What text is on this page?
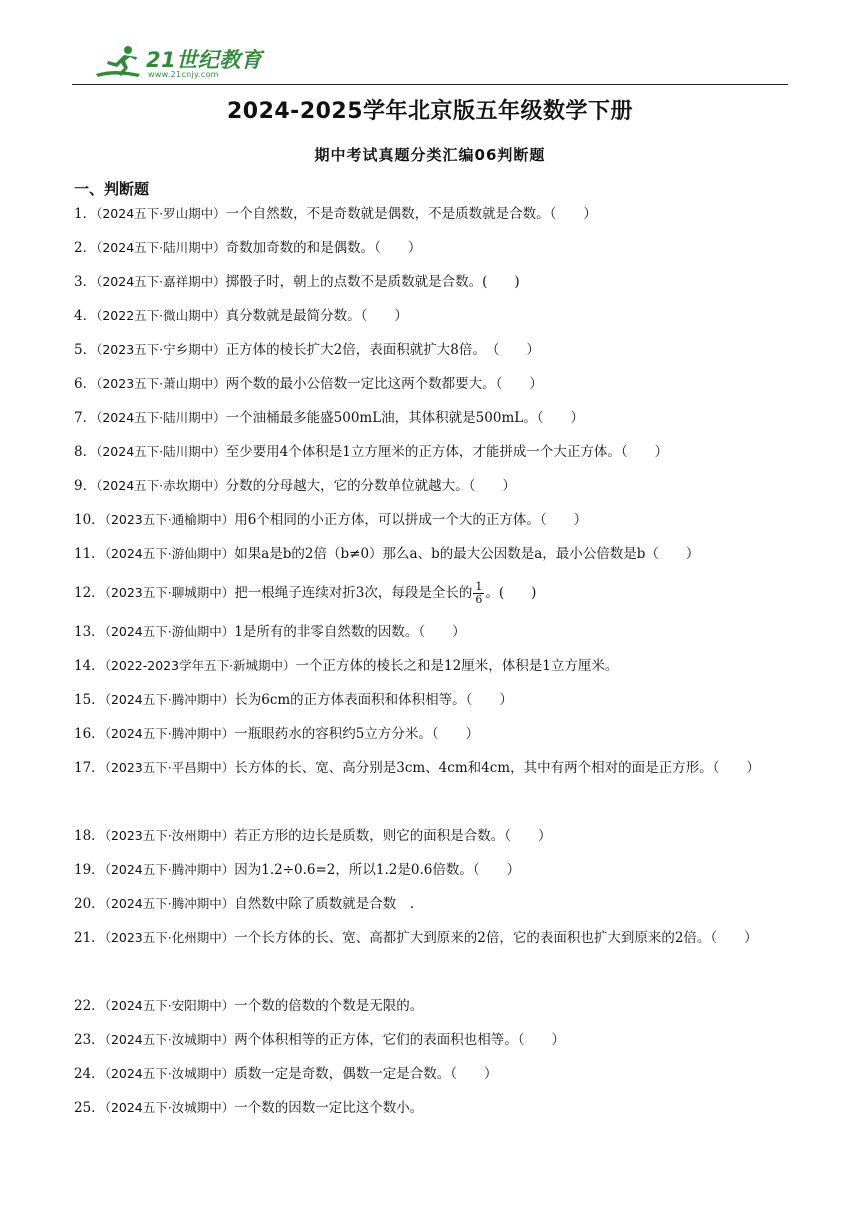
21世纪教育
www.21cnjy.com
2024-2025学年北京版五年级数学下册
期中考试真题分类汇编06判断题
一、判断题
1．（2024五下·罗山期中）一个自然数，不是奇数就是偶数，不是质数就是合数。（　　）
2．（2024五下·陆川期中）奇数加奇数的和是偶数。（　　）
3．（2024五下·嘉祥期中）掷骰子时，朝上的点数不是质数就是合数。(　　)
4．（2022五下·微山期中）真分数就是最简分数。（　　）
5．（2023五下·宁乡期中）正方体的棱长扩大2倍，表面积就扩大8倍。　（　　）
6．（2023五下·萧山期中）两个数的最小公倍数一定比这两个数都要大。（　　）
7．（2024五下·陆川期中）一个油桶最多能盛500mL油，其体积就是500mL。（　　）
8．（2024五下·陆川期中）至少要用4个体积是1立方厘米的正方体，才能拼成一个大正方体。（　　）
9．（2024五下·赤坎期中）分数的分母越大，它的分数单位就越大。（　　）
10．（2023五下·通榆期中）用6个相同的小正方体，可以拼成一个大的正方体。（　　）
11．（2024五下·游仙期中）如果a是b的2倍（b≠0）那么a、b的最大公因数是a，最小公倍数是b（　　）
12．（2023五下·聊城期中）把一根绳子连续对折3次，每段是全长的 $\frac{1}{6}$ 。(　　)
13．（2024五下·游仙期中）1是所有的非零自然数的因数。（　　）
14．（2022-2023学年五下·新城期中）一个正方体的棱长之和是12厘米，体积是1立方厘米。
15．（2024五下·腾冲期中）长为6cm的正方体表面积和体积相等。（　　）
16．（2024五下·腾冲期中）一瓶眼药水的容积约5立方分米。（　　）
17．（2023五下·平昌期中）长方体的长、宽、高分别是3cm、4cm和4cm，其中有两个相对的面是正方形。（　　）
18．（2023五下·汝州期中）若正方形的边长是质数，则它的面积是合数。（　　）
19．（2024五下·腾冲期中）因为1.2÷0.6=2，所以1.2是0.6倍数。（　　）
20．（2024五下·腾冲期中）自然数中除了质数就是合数　.
21．（2023五下·化州期中）一个长方体的长、宽、高都扩大到原来的2倍，它的表面积也扩大到原来的2倍。（　　）
22．（2024五下·安阳期中）一个数的倍数的个数是无限的。
23．（2024五下·汝城期中）两个体积相等的正方体，它们的表面积也相等。（　　）
24．（2024五下·汝城期中）质数一定是奇数，偶数一定是合数。（　　）
25．（2024五下·汝城期中）一个数的因数一定比这个数小。
